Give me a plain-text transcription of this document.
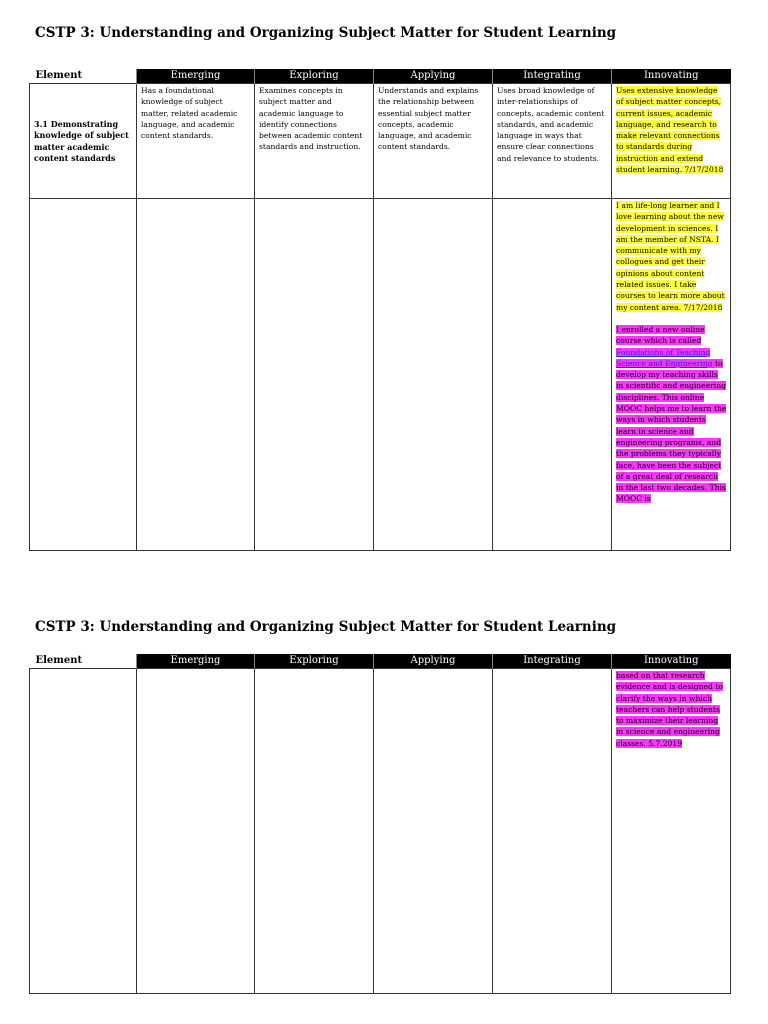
CSTP 3: Understanding and Organizing Subject Matter for Student Learning
Element	Emerging	Exploring	Applying	Integrating	Innovating
3.1 Demonstrating knowledge of subject matter academic content standards	Has a foundational knowledge of subject matter, related academic language, and academic content standards.	Examines concepts in subject matter and academic language to identify connections between academic content standards and instruction.	Understands and explains the relationship between essential subject matter concepts, academic language, and academic content standards.	Uses broad knowledge of inter-relationships of concepts, academic content standards, and academic language in ways that ensure clear connections and relevance to students.	Uses extensive knowledge of subject matter concepts, current issues, academic language, and research to make relevant connections to standards during instruction and extend student learning. 7/17/2018

					I am life-long learner and I love learning about the new development in sciences. I am the member of NSTA. I communicate with my collogues and get their opinions about content related issues. I take courses to learn more about my content area. 7/17/2018

I enrolled a new online course which is called Foundations of Teaching Science and Engineering to develop my teaching skills in scientific and engineering disciplines. This online MOOC helps me to learn the ways in which students learn in science and engineering programs, and the problems they typically face, have been the subject of a great deal of research in the last two decades. This MOOC is

CSTP 3: Understanding and Organizing Subject Matter for Student Learning
Element	Emerging	Exploring	Applying	Integrating	Innovating
					based on that research evidence and is designed to clarify the ways in which teachers can help students to maximize their learning in science and engineering classes. 5.7.2019
